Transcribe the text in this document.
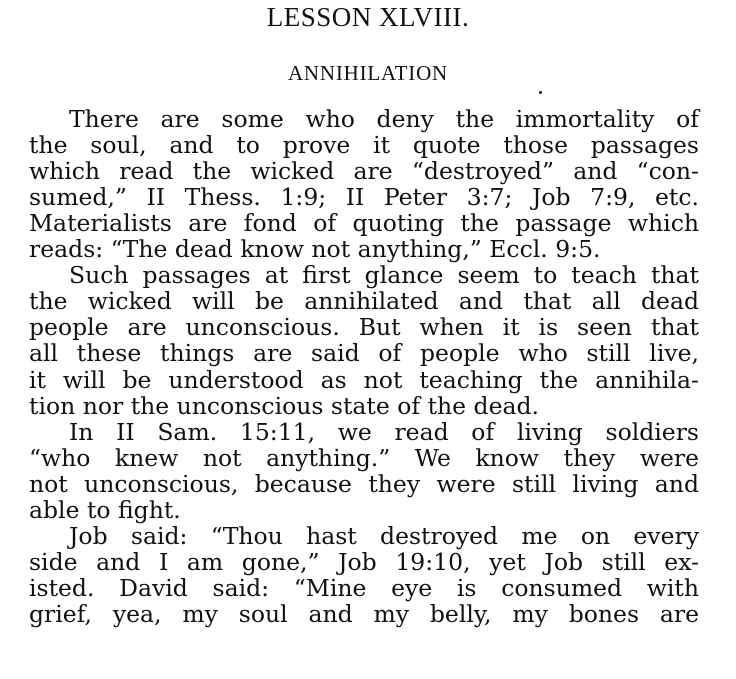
LESSON XLVIII.
ANNIHILATION

There are some who deny the immortality of

the soul, and to prove it quote those passages

which read the wicked are “destroyed” and “con-

sumed,” II Thess. 1:9; II Peter 3:7; Job 7:9, etc.

Materialists are fond of quoting the passage which

reads: “The dead know not anything,” Eccl. 9:5.

Such passages at first glance seem to teach that

the wicked will be annihilated and that all dead

people are unconscious. But when it is seen that

all these things are said of people who still live,

it will be understood as not teaching the annihila-

tion nor the unconscious state of the dead.

In II Sam. 15:11, we read of living soldiers

“who knew not anything.” We know they were

not unconscious, because they were still living and

able to fight.

Job said: “Thou hast destroyed me on every

side and I am gone,” Job 19:10, yet Job still ex-

isted. David said: “Mine eye is consumed with

grief, yea, my soul and my belly, my bones are
